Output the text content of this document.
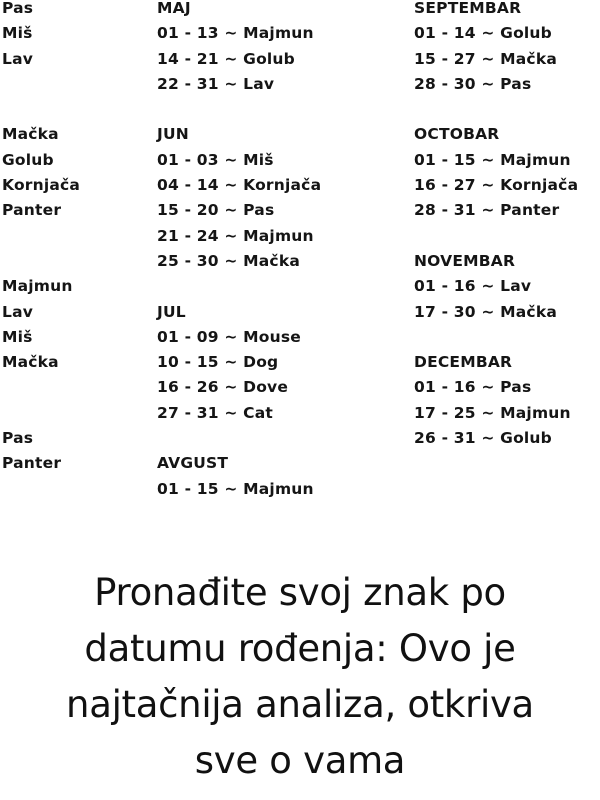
Pas
Miš
Lav
Mačka
Golub
Kornjača
Panter
Majmun
Lav
Miš
Mačka
Pas
Panter
MAJ
01 - 13 ~ Majmun
14 - 21 ~ Golub
22 - 31 ~ Lav
JUN
01 - 03 ~ Miš
04 - 14 ~ Kornjača
15 - 20 ~ Pas
21 - 24 ~ Majmun
25 - 30 ~ Mačka
JUL
01 - 09 ~ Mouse
10 - 15 ~ Dog
16 - 26 ~ Dove
27 - 31 ~ Cat
AVGUST
01 - 15 ~ Majmun
SEPTEMBAR
01 - 14 ~ Golub
15 - 27 ~ Mačka
28 - 30 ~ Pas
OCTOBAR
01 - 15 ~ Majmun
16 - 27 ~ Kornjača
28 - 31 ~ Panter
NOVEMBAR
01 - 16 ~ Lav
17 - 30 ~ Mačka
DECEMBAR
01 - 16 ~ Pas
17 - 25 ~ Majmun
26 - 31 ~ Golub
Pronađite svoj znak po
datumu rođenja: Ovo je
najtačnija analiza, otkriva
sve o vama
